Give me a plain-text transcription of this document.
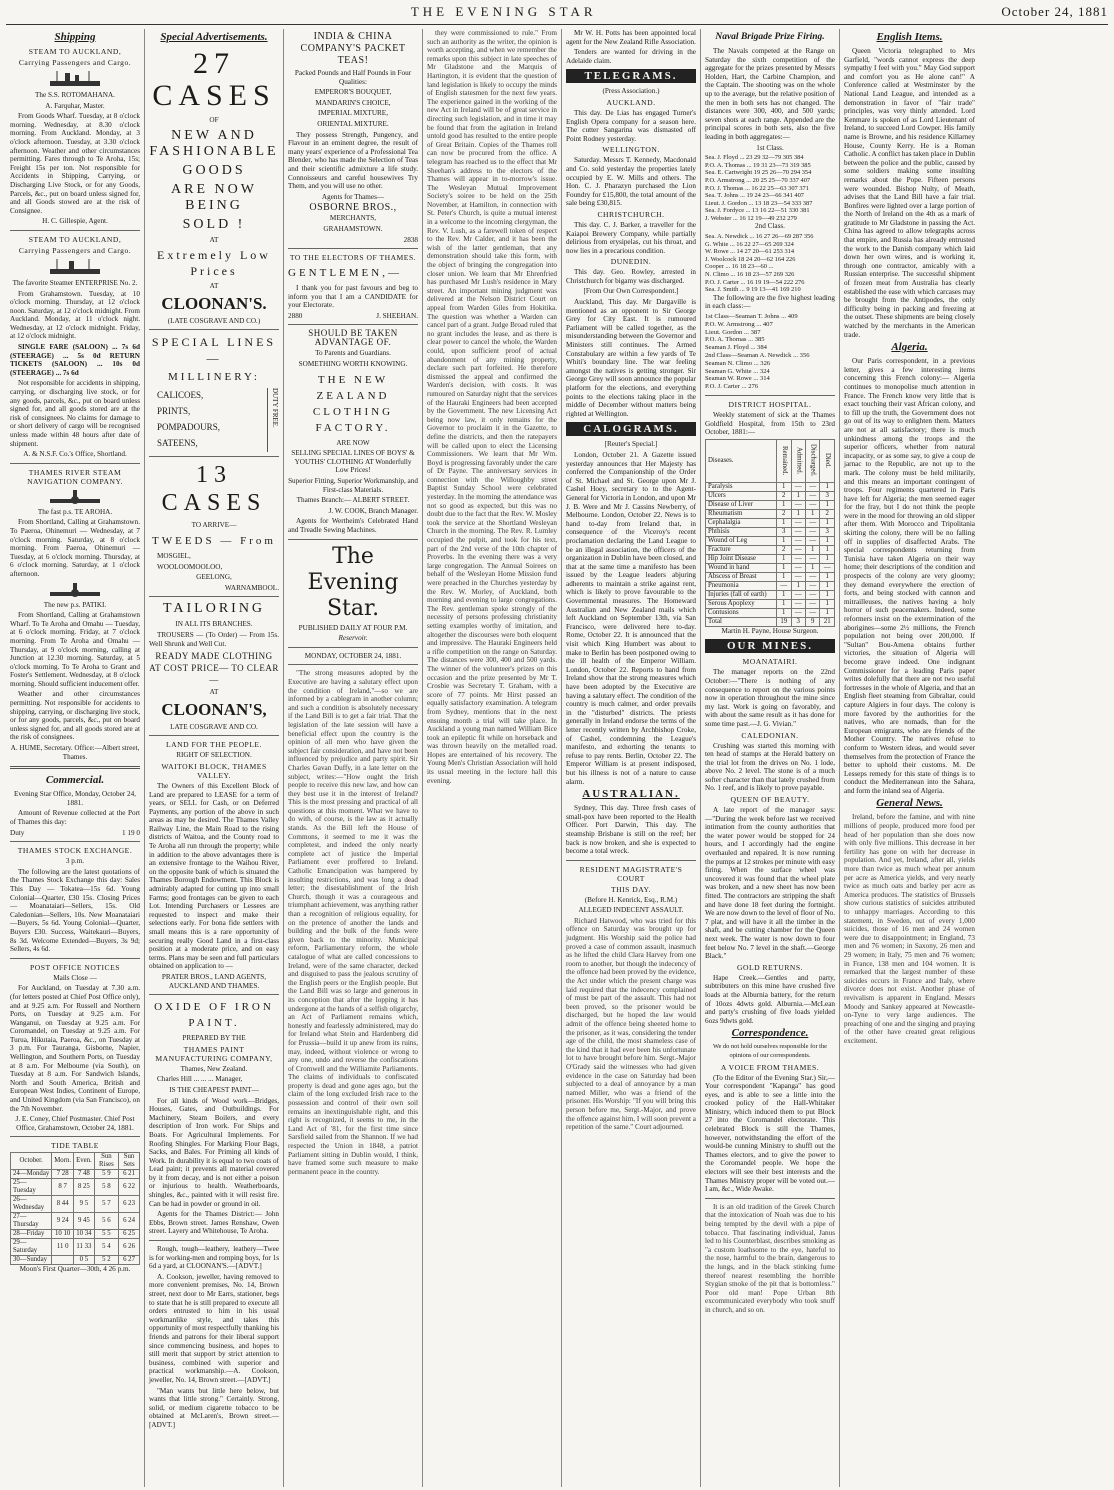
THE EVENING STAR	October 24, 1881
Shipping
STEAM TO AUCKLAND,
Carrying Passengers and Cargo.

The S.S. ROTOMAHANA.

A. Farquhar, Master.

From Goods Wharf. Tuesday, at 8 o'clock morning. Wednesday, at 8.30 o'clock morning. From Auckland. Monday, at 3 o'clock afternoon. Tuesday, at 3.30 o'clock afternoon. Weather and other circumstances permitting. Fares through to Te Aroha, 15s; Freight 15s per ton. Not responsible for Accidents in Shipping, Carrying, or Discharging Live Stock, or for any Goods, Parcels, &c., put on board unless signed for, and all Goods stowed are at the risk of Consignee.

H. C. Gillespie, Agent.

STEAM TO AUCKLAND,
Carrying Passengers and Cargo.

The favorite Steamer ENTERPRISE No. 2.

From Grahamstown. Tuesday, at 10 o'clock morning. Thursday, at 12 o'clock noon. Saturday, at 12 o'clock midnight. From Auckland. Monday, at 11 o'clock night. Wednesday, at 12 o'clock midnight. Friday, at 12 o'clock midnight.

SINGLE FARE (SALOON) ... 7s 6d (STEERAGE) ... 5s 0d RETURN TICKETS (SALOON) ... 10s 0d (STEERAGE) ... 7s 6d

Not responsible for accidents in shipping, carrying, or discharging live stock, or for any goods, parcels, &c., put on board unless signed for, and all goods stored are at the risk of consignees. No claims for damage to or short delivery of cargo will be recognised unless made within 48 hours after date of shipment.

A. & N.S.F. Co.'s Office, Shortland.

THAMES RIVER STEAM NAVIGATION COMPANY.

The fast p.s. TE AROHA.

From Shortland, Calling at Grahamstown. To Paeroa, Ohinemuri — Wednesday, at 7 o'clock morning. Saturday, at 8 o'clock morning. From Paeroa, Ohinemuri — Tuesday, at 6 o'clock morning. Thursday, at 6 o'clock morning. Saturday, at 1 o'clock afternoon.

The new p.s. PATIKI.

From Shortland, Calling at Grahamstown Wharf. To Te Aroha and Omahu — Tuesday, at 6 o'clock morning. Friday, at 7 o'clock morning. From Te Aroha and Omahu — Thursday, at 9 o'clock morning, calling at Junction at 12.30 morning. Saturday, at 5 o'clock morning. To Te Aroha to Grant and Foster's Settlement. Wednesday, at 8 o'clock morning. Should sufficient inducement offer.

Weather and other circumstances permitting. Not responsible for accidents to shipping, carrying, or discharging live stock, or for any goods, parcels, &c., put on board unless signed for, and all goods stored are at the risk of consignees.

A. HUME, Secretary. Office:—Albert street, Thames.

Commercial.

Evening Star Office, Monday, October 24, 1881.

Amount of Revenue collected at the Port of Thames this day:

Duty	1 19 0
THAMES STOCK EXCHANGE.

3 p.m.

The following are the latest quotations of the Thames Stock Exchange this day: Sales This Day — Tokatea—15s 6d. Young Colonial—Quarter, £30 15s. Closing Prices — Moanataiari—Sellers, 15s. Old Caledonian—Sellers, 10s. New Moanataiari—Buyers, 5s 6d. Young Colonial—Quarter, Buyers £30. Success, Waitekauri—Buyers, 8s 3d. Welcome Extended—Buyers, 3s 9d; Sellers, 4s 6d.

POST OFFICE NOTICES

Mails Close —

For Auckland, on Tuesday at 7.30 a.m. (for letters posted at Chief Post Office only), and at 9.25 a.m. For Russell and Northern Ports, on Tuesday at 9.25 a.m. For Wanganui, on Tuesday at 9.25 a.m. For Coromandel, on Tuesday at 9.25 a.m. For Turua, Hikutaia, Paeroa, &c., on Tuesday at 3 p.m. For Tauranga, Gisborne, Napier, Wellington, and Southern Ports, on Tuesday at 8 a.m. For Melbourne (via South), on Tuesday at 8 a.m. For Sandwich Islands, North and South America, British and European West Indies, Continent of Europe, and United Kingdom (via San Francisco), on the 7th November.

J. E. Coney, Chief Postmaster. Chief Post Office, Grahamstown, October 24, 1881.

TIDE TABLE
October.	Morn.	Even.	Sun Rises	Sun Sets
24—Monday	7 28	7 48	5 9	6 21
25—Tuesday	8 7	8 25	5 8	6 22
26—Wednesday	8 44	9 5	5 7	6 23
27—Thursday	9 24	9 45	5 6	6 24
28—Friday	10 10	10 34	5 5	6 25
29—Saturday	11 0	11 33	5 4	6 26
30—Sunday		0 5	5 2	6 27

Moon's First Quarter—30th, 4 26 p.m.

Special Advertisements.
27 CASES

OF

NEW AND FASHIONABLE
GOODS
ARE NOW BEING
SOLD !

AT

Extremely Low Prices

AT

CLOONAN'S.

(LATE COSGRAVE AND CO.)

SPECIAL LINES—
MILLINERY:

CALICOES,

PRINTS,

POMPADOURS,

SATEENS,

DUTY FREE.
13 CASES

TO ARRIVE—

TWEEDS — From

MOSGIEL,

WOOLOOMOOLOO,

GEELONG,

WARNAMBOOL.

TAILORING

IN ALL ITS BRANCHES.

TROUSERS — (To Order) — From 15s. Well Shrunk and Well Cut.

READY MADE CLOTHING AT COST PRICE— TO CLEAR—

AT

CLOONAN'S,

LATE COSGRAVE AND CO.

LAND FOR THE PEOPLE.

RIGHT OF SELECTION.

WAITOKI BLOCK, THAMES VALLEY.

The Owners of this Excellent Block of Land are prepared to LEASE for a term of years, or SELL for Cash, or on Deferred Payments, any portion of the above in such areas as may be desired. The Thames Valley Railway Line, the Main Road to the rising districts of Waitoa, and the County road to Te Aroha all run through the property; while in addition to the above advantages there is an extensive frontage to the Waihou River, on the opposite bank of which is situated the Thames Borough Endowment. This Block is admirably adapted for cutting up into small Farms; good frontages can be given to each Lot. Intending Purchasers or Lessees are requested to inspect and make their selections early. For bona fide settlers with small means this is a rare opportunity of securing really Good Land in a first-class position at a moderate price, and on easy terms. Plans may be seen and full particulars obtained on application to —

PRATER BROS., LAND AGENTS, AUCKLAND AND THAMES.

OXIDE OF IRON PAINT.

PREPARED BY THE

THAMES PAINT MANUFACTURING COMPANY,

Thames, New Zealand.

Charles Hill ... ... ... Manager,

IS THE CHEAPEST PAINT—

For all kinds of Wood work—Bridges, Houses, Gates, and Outbuildings. For Machinery, Steam Boilers, and every description of Iron work. For Ships and Boats. For Agricultural Implements. For Roofing Shingles. For Marking Flour Bags, Sacks, and Bales. For Priming all kinds of Work. In durability it is equal to two coats of Lead paint; it prevents all material covered by it from decay, and is not either a poison or injurious to health. Weatherboards, shingles, &c., painted with it will resist fire. Can be had in powder or ground in oil.

Agents for the Thames District:— John Ebbs, Brown street. James Renshaw, Owen street. Layery and Whitehouse, Te Aroha.

Rough, tough—leathery, leathery—Twee is for working-men and romping boys, for 1s 6d a yard, at CLOONAN'S.—[ADVT.]

A. Cookson, jeweller, having removed to more convenient premises, No. 14, Brown street, next door to Mr Earrs, stationer, begs to state that he is still prepared to execute all orders entrusted to him in his usual workmanlike style, and takes this opportunity of most respectfully thanking his friends and patrons for their liberal support since commencing business, and hopes to still merit that support by strict attention to business, combined with superior and practical workmanship.—A. Cookson, jeweller, No. 14, Brown street.—[ADVT.]

"Man wants but little here below, but wants that little strong." Certainly. Strong, solid, or medium cigarette tobacco to be obtained at McLaren's, Brown street.—[ADVT.]

INDIA & CHINA COMPANY'S PACKET TEAS!

Packed Pounds and Half Pounds in Four Qualities:

EMPEROR'S BOUQUET,

MANDARIN'S CHOICE,

IMPERIAL MIXTURE,

ORIENTAL MIXTURE.

They possess Strength, Pungency, and Flavour in an eminent degree, the result of many years' experience of a Professional Tea Blender, who has made the Selection of Teas and their scientific admixture a life study. Connoisseurs and careful housewives Try Them, and you will use no other.

Agents for Thames—

OSBORNE BROS.,

MERCHANTS,

GRAHAMSTOWN.

2838

TO THE ELECTORS OF THAMES.
GENTLEMEN,—

I thank you for past favours and beg to inform you that I am a CANDIDATE for your Electorate.

2880	J. SHEEHAN.
SHOULD BE TAKEN ADVANTAGE OF.

To Parents and Guardians.

SOMETHING WORTH KNOWING.

THE NEW ZEALAND CLOTHING FACTORY.

ARE NOW

SELLING SPECIAL LINES OF BOYS' & YOUTHS' CLOTHING AT Wonderfully Low Prices!

Superior Fitting, Superior Workmanship, and First-class Materials.

Thames Branch:— ALBERT STREET.

J. W. COOK, Branch Manager.

Agents for Wertheim's Celebrated Hand and Treadle Sewing Machines.

The Evening Star.

PUBLISHED DAILY AT FOUR P.M.

Reservoir.

MONDAY, OCTOBER 24, 1881.

"The strong measures adopted by the Executive are having a salutary effect upon the condition of Ireland,"—so we are informed by a cablegram in another column; and such a condition is absolutely necessary if the Land Bill is to get a fair trial. That the legislation of the late session will have a beneficial effect upon the country is the opinion of all men who have given the subject fair consideration, and have not been influenced by prejudice and party spirit. Sir Charles Gavan Duffy, in a late letter on the subject, writes:—"How ought the Irish people to receive this new law, and how can they best use it in the interest of Ireland? This is the most pressing and practical of all questions at this moment. What we have to do with, of course, is the law as it actually stands. As the Bill left the House of Commons, it seemed to me it was the completest, and indeed the only nearly complete act of justice the Imperial Parliament ever proffered to Ireland. Catholic Emancipation was hampered by insulting restrictions, and was long a dead letter; the disestablishment of the Irish Church, though it was a courageous and triumphant achievement, was anything rather than a recognition of religious equality, for on the pretence of another the lands and building and the bulk of the funds were given back to the minority. Municipal reform, Parliamentary reform, the whole catalogue of what are called concessions to Ireland, were of the same character, decked and disguised to pass the jealous scrutiny of the English peers or the English people. But the Land Bill was so large and generous in its conception that after the lopping it has undergone at the hands of a selfish oligarchy, an Act of Parliament remains which, honestly and fearlessly administered, may do for Ireland what Stein and Hardenberg did for Prussia—build it up anew from its ruins, may, indeed, without violence or wrong to any one, undo and reverse the confiscations of Cromwell and the Williamite Parliaments. The claims of individuals to confiscated property is dead and gone ages ago, but the claim of the long excluded Irish race to the possession and control of their own soil remains an inextinguishable right, and this right is recognized, it seems to me, in the Land Act of '81, for the first time since Sarsfield sailed from the Shannon. If we had respected the Union in 1848, a patriot Parliament sitting in Dublin would, I think, have framed some such measure to make permanent peace in the country.

they were commissioned to rule." From such an authority as the writer, the opinion is worth accepting, and when we remember the remarks upon this subject in late speeches of Mr Gladstone and the Marquis of Hartington, it is evident that the question of land legislation is likely to occupy the minds of English statesmen for the next few years. The experience gained in the working of the new Act in Ireland will be of great service in directing such legislation, and in time it may be found that from the agitation in Ireland untold good has resulted to the entire people of Great Britain. Copies of the Thames roll can now be procured from the office. A telegram has reached us to the effect that Mr Sheehan's address to the electors of the Thames will appear in to-morrow's issue. The Wesleyan Mutual Improvement Society's soiree to be held on the 25th November, at Hamilton, in connection with St. Peter's Church, is quite a mutual interest in a welcome to the incoming clergyman, the Rev. V. Lush, as a farewell token of respect to the Rev. Mr Calder, and it has been the wish of the latter gentleman, that any demonstration should take this form, with the object of bringing the congregation into closer union. We learn that Mr Ehrenfried has purchased Mr Lush's residence in Mary street. An important mining judgment was delivered at the Nelson District Court on appeal from Warden Giles from Hokitika. The question was whether a Warden can cancel part of a grant. Judge Broad ruled that no grant includes the lease, and as there is clear power to cancel the whole, the Warden could, upon sufficient proof of actual abandonment of any mining property, declare such part forfeited. He therefore dismissed the appeal and confirmed the Warden's decision, with costs. It was rumoured on Saturday night that the services of the Hauraki Engineers had been accepted by the Government. The new Licensing Act being now law, it only remains for the Governor to proclaim it in the Gazette, to define the districts, and then the ratepayers will be called upon to elect the Licensing Commissioners. We learn that Mr Wm. Boyd is progressing favorably under the care of Dr Payne. The anniversary services in connection with the Willoughby street Baptist Sunday School were celebrated yesterday. In the morning the attendance was not so good as expected, but this was no doubt due to the fact that the Rev. W. Mosley took the service at the Shortland Wesleyan Church in the morning. The Rev. R. Lumley occupied the pulpit, and took for his text, part of the 2nd verse of the 10th chapter of Proverbs. In the evening there was a very large congregation. The Annual Soirees on behalf of the Wesleyan Home Mission fund were preached in the Churches yesterday by the Rev. W. Morley, of Auckland, both morning and evening to large congregations. The Rev. gentleman spoke strongly of the necessity of persons professing christianity setting examples worthy of imitation, and altogether the discourses were both eloquent and impressive. The Hauraki Engineers held a rifle competition on the range on Saturday. The distances were 300, 400 and 500 yards. The winner of the volunteer's prizes on this occasion and the prize presented by Mr T. Crosbie was Secretary T. Graham, with a score of 77 points. Mr Hirst passed an equally satisfactory examination. A telegram from Sydney, mentions that in the next ensuing month a trial will take place. In Auckland a young man named William Bice took an epileptic fit while on horseback and was thrown heavily on the metalled road. Hopes are entertained of his recovery. The Young Men's Christian Association will hold its usual meeting in the lecture hall this evening.

Mr W. H. Potts has been appointed local agent for the New Zealand Rifle Association.

Tenders are wanted for driving in the Adelaide claim.

TELEGRAMS.

(Press Association.)

AUCKLAND.

This day. De Lias has engaged Turner's English Opera company for a season here. The cutter Sangarina was dismasted off Point Rodney yesterday.

WELLINGTON.

Saturday. Messrs T. Kennedy, Macdonald and Co. sold yesterday the properties lately occupied by E. W. Mills and others. The Hon. C. J. Pharazyn purchased the Lion Foundry for £15,800, the total amount of the sale being £30,815.

CHRISTCHURCH.

This day. C. J. Barker, a traveller for the Kaiapoi Brewery Company, while partially delirious from erysipelas, cut his throat, and now lies in a precarious condition.

DUNEDIN.

This day. Geo. Rowley, arrested in Christchurch for bigamy was discharged.

[From Our Own Correspondent.]

Auckland, This day. Mr Dargaville is mentioned as an opponent to Sir George Grey for City East. It is rumoured Parliament will be called together, as the misunderstanding between the Governor and Ministers still continues. The Armed Constabulary are within a few yards of Te Whiti's boundary line. The war feeling amongst the natives is getting stronger. Sir George Grey will soon announce the popular platform for the elections, and everything points to the elections taking place in the middle of December without matters being righted at Wellington.

CALOGRAMS.

[Reuter's Special.]

London, October 21. A Gazette issued yesterday announces that Her Majesty has conferred the Companionship of the Order of St. Michael and St. George upon Mr J. Cashel Hoey, secretary to to the Agent-General for Victoria in London, and upon Mr J. B. Were and Mr J. Cassins Newberry, of Melbourne. London, October 22. News is to hand to-day from Ireland that, in consequence of the Viceroy's recent proclamation declaring the Land League to be an illegal association, the officers of the organization in Dublin have been closed, and that at the same time a manifesto has been issued by the League leaders abjuring adherents to maintain a strike against rent, which is likely to prove favourable to the Governmental measures. The Homeward Australian and New Zealand mails which left Auckland on September 13th, via San Francisco, were delivered here to-day. Rome, October 22. It is announced that the visit which King Humbert was about to make to Berlin has been postponed owing to the ill health of the Emperor William. London, October 22. Reports to hand from Ireland show that the strong measures which have been adopted by the Executive are having a salutary effect. The condition of the country is much calmer, and order prevails in the "disturbed" districts. The priests generally in Ireland endorse the terms of the letter recently written by Archbishop Croke, of Cashel, condemning the League's manifesto, and exhorting the tenants to refuse to pay rents. Berlin, October 22. The Emperor William is at present indisposed, but his illness is not of a nature to cause alarm.

AUSTRALIAN.

Sydney, This day. Three fresh cases of small-pox have been reported to the Health Officer. Port Darwin, This day. The steamship Brisbane is still on the reef; her back is now broken, and she is expected to become a total wreck.

RESIDENT MAGISTRATE'S COURT
THIS DAY.

(Before H. Kenrick, Esq., R.M.)

ALLEGED INDECENT ASSAULT.

Richard Hatwood, who was tried for this offence on Saturday was brought up for judgment. His Worship said the police had proved a case of common assault, inasmuch as he lifted the child Clara Harvey from one room to another, but though the indecency of the offence had been proved by the evidence, the Act under which the present charge was laid required that the indecency complained of must be part of the assault. This had not been proved, so the prisoner would be discharged, but he hoped the law would admit of the offence being sheeted home to the prisoner, as it was, considering the tender age of the child, the most shameless case of the kind that it had ever been his unfortunate lot to have brought before him. Sergt.-Major O'Grady said the witnesses who had given evidence in the case on Saturday had been subjected to a deal of annoyance by a man named Miller, who was a friend of the prisoner. His Worship: "If you will bring this person before me, Sergt.-Major, and prove the offence against him, I will soon prevent a repetition of the same." Court adjourned.

Naval Brigade Prize Firing.

The Navals competed at the Range on Saturday the sixth competition of the aggregate for the prizes presented by Messrs Holden, Hart, the Carbine Champion, and the Captain. The shooting was on the whole up to the average, but the relative position of the men in both sets has not changed. The distances were 300, 400, and 500 yards; seven shots at each range. Appended are the principal scores in both sets, also the five leading in both aggregates:—

1st Class.

Sea. J. Floyd ... 23 29 32—79 305 384
P.O. A. Thomas ... 19 31 23—73 319 385
Sea. E. Cartwright 19 25 26—70 294 354
P.O. Armstrong ... 20 25 25—70 337 407
P.O. J. Thomas ... 16 22 25—63 307 371
Sea. T. Johns ... 19 24 23—66 341 407
Lieut. J. Gordon ... 13 18 23—54 333 387
Sea. J. Fordyce ... 13 16 22—51 330 381
J. Webster ... 16 12 19—49 232 279

2nd Class.

Sea. A. Newdick ... 16 27 26—69 287 356
G. White ... 16 22 27—65 269 324
W. Rowe ... 14 27 20—61 253 314
J. Woolcock 18 24 20—62 164 226
Cooper ... 16 18 23—60 ...
N. Climo ... 16 18 23—57 269 326
P.O. J. Carter ... 16 19 19—54 222 276
Sea. J. Smith ... 9 19 13—41 169 210

The following are the five highest leading in each class:—

1st Class—Seaman T. Johns ... 409
P.O. W. Armstrong ... 407
Lieut. Gordon ... 387
P.O. A. Thomas ... 385
Seaman J. Floyd ... 384
2nd Class—Seaman A. Newdick ... 356
Seaman N. Climo ... 326
Seaman G. White ... 324
Seaman W. Rowe ... 314
P.O. J. Carter ... 276
DISTRICT HOSPITAL.

Weekly statement of sick at the Thames Goldfield Hospital, from 15th to 23rd October, 1881:—

Diseases.	Remained.	Admitted.	Discharged.	Died.
Paralysis	1	—	—	1
Ulcers	2	1	—	3
Disease of Liver	1	—	—	1
Rheumatism	2	1	1	2
Cephalalgia	1	—	—	1
Phthisis	3	—	—	3
Wound of Leg	1	—	—	1
Fracture	2	—	1	1
Hip Joint Disease	1	—	—	1
Wound in hand	1	—	1	—
Abscess of Breast	1	—	—	1
Pneumonia	—	1	—	1
Injuries (fall of earth)	1	—	—	1
Serous Apoplexy	1	—	—	1
Contusions	1	—	—	1
Total	19	3	9	21

Martin H. Payne, House Surgeon.

OUR MINES.
MOANATAIRI.

The manager reports on the 22nd October:—"There is nothing of any consequence to report on the various points now in operation throughout the mine since my last. Work is going on favorably, and with about the same result as it has done for some time past.—J. G. Vivian."

CALEDONIAN.

Crushing was started this morning with ten head of stamps at the Herald battery on the trial lot from the drives on No. 1 lode, above No. 2 level. The stone is of a much softer character than that lately crushed from No. 1 reef, and is likely to prove payable.

QUEEN OF BEAUTY.

A late report of the manager says:—"During the week before last we received intimation from the county authorities that the water power would be stopped for 24 hours, and I accordingly had the engine overhauled and repaired. It is now running the pumps at 12 strokes per minute with easy firing. When the surface wheel was uncovered it was found that the wheel plate was broken, and a new sheet has now been fitted. The contractors are stripping the shaft and have done 18 feet during the fortnight. We are now down to the level of floor of No. 7 plat, and will have it all the timber in the shaft, and be cutting chamber for the Queen next week. The water is now down to four feet below No. 7 level in the shaft.—George Black."

GOLD RETURNS.

Hape Creek.—Gentles and party, subtributers on this mine have crushed five loads at the Alburnia battery, for the return of 10ozs 4dwts gold. Alburnia.—McLean and party's crushing of five loads yielded 6ozs 9dwts gold.

Correspondence.

We do not hold ourselves responsible for the opinions of our correspondents.

A VOICE FROM THAMES.

(To the Editor of the Evening Star.) Sir,—Your correspondent "Kapanga" has good eyes, and is able to see a little into the crooked policy of the Hall-Whitaker Ministry, which induced them to put Block 27 into the Coromandel electorate. This celebrated Block is still the Thames, however, notwithstanding the effort of the would-be cunning Ministry to shuffl out the Thames electors, and to give the power to the Coromandel people. We hope the electors will see their best interests and the Thames Ministry proper will be voted out.—I am, &c., Wide Awake.

It is an old tradition of the Greek Church that the intoxication of Noah was due to his being tempted by the devil with a pipe of tobacco. That fascinating individual, Janus led to his Counterblast, describes smoking as "a custom loathsome to the eye, hateful to the nose, harmful to the brain, dangerous to the lungs, and in the black stinking fume thereof nearest resembling the horrible Stygian smoke of the pit that is bottomless." Poor old man! Pope Urban 8th excommunicated everybody who took snuff in church, and so on.

English Items.

Queen Victoria telegraphed to Mrs Garfield, "words cannot express the deep sympathy I feel with you." May God support and comfort you as He alone can!" A Conference called at Westminster by the National Land League, and intended as a demonstration in favor of "fair trade" principles, was very thinly attended. Lord Kenmare is spoken of as Lord Lieutenant of Ireland, to succeed Lord Cowper. His family name is Browne, and his residence Killarney House, County Kerry. He is a Roman Catholic. A conflict has taken place in Dublin between the police and the public, caused by some soldiers making some insulting remarks about the Pope. Fifteen persons were wounded. Bishop Nulty, of Meath, advises that the Land Bill have a fair trial. Bonfires were lighted over a large portion of the North of Ireland on the 4th as a mark of gratitude to Mr Gladstone in passing the Act. China has agreed to allow telegraphs across that empire, and Russia has already entrusted the work to the Danish company which laid down her own wires, and is working it, through one contractor, amicably with a Russian enterprise. The successful shipment of frozen meat from Australia has clearly established the ease with which carcases may be brought from the Antipodes, the only difficulty being in packing and freezing at the outset. These shipments are being closely watched by the merchants in the American trade.

Algeria.

Our Paris correspondent, in a previous letter, gives a few interesting items concerning this French colony:— Algeria continues to monopolise much attention in France. The French know very little that is exact touching their vast African colony, and to fill up the truth, the Government does not go out of its way to enlighten them. Matters are not at all satisfactory; there is much unkindness among the troops and the superior officers, whether from natural incapacity, or as some say, to give a coup de jarnac to the Republic, are not up to the mark. The colony must be held militarily, and this means an important contingent of troops. Four regiments quartered in Paris have left for Algeria; the men seemed eager for the fray, but I do not think the people were in the mood for throwing an old slipper after them. With Morocco and Tripolitania skirting the colony, there will be no falling off in supplies of disaffected Arabs. The special correspondents returning from Tunisia have taken Algeria on their way home; their descriptions of the condition and prospects of the colony are very gloomy; they demand everywhere the erection of forts, and being stocked with cannon and mitrailleuses, the natives having a holy horror of such peacemakers. Indeed, some reformers insist on the extermination of the aborigines—some 2½ millions, the French population not being over 200,000. If "Sultan" Bou-Amena obtains further victories, the situation of Algeria will become grave indeed. One indignant Commissioner for a leading Paris paper writes dolefully that there are not two useful fortresses in the whole of Algeria, and that an English fleet steaming from Gibraltar, could capture Algiers in four days. The colony is more favored by the authorities for the natives, who are nomads, than for the European emigrants, who are friends of the Mother Country. The natives refuse to conform to Western ideas, and would sever themselves from the protection of France the better to uphold their customs. M. De Lesseps remedy for this state of things is to conduct the Mediterranean into the Sahara, and form the inland sea of Algeria.

General News.

Ireland, before the famine, and with nine millions of people, produced more food per head of her population than she does now with only five millions. This decrease in her fertility has gone on with her decrease in population. And yet, Ireland, after all, yields more than twice as much wheat per annum per acre as America yields, and very nearly twice as much oats and barley per acre as America produces. The statistics of Brussels show curious statistics of suicides attributed to unhappy marriages. According to this statement, in Sweden, out of every 1,000 suicides, those of 16 men and 24 women were due to disappointment; in England, 73 men and 76 women; in Saxony, 26 men and 29 women; in Italy, 75 men and 76 women; in France, 138 men and 104 women. It is remarked that the largest number of these suicides occurs in France and Italy, where divorce does not exist. Another phase of revivalism is apparent in England. Messrs Moody and Sankey appeared at Newcastle-on-Tyne to very large audiences. The preaching of one and the singing and praying of the other have created great religious excitement.
